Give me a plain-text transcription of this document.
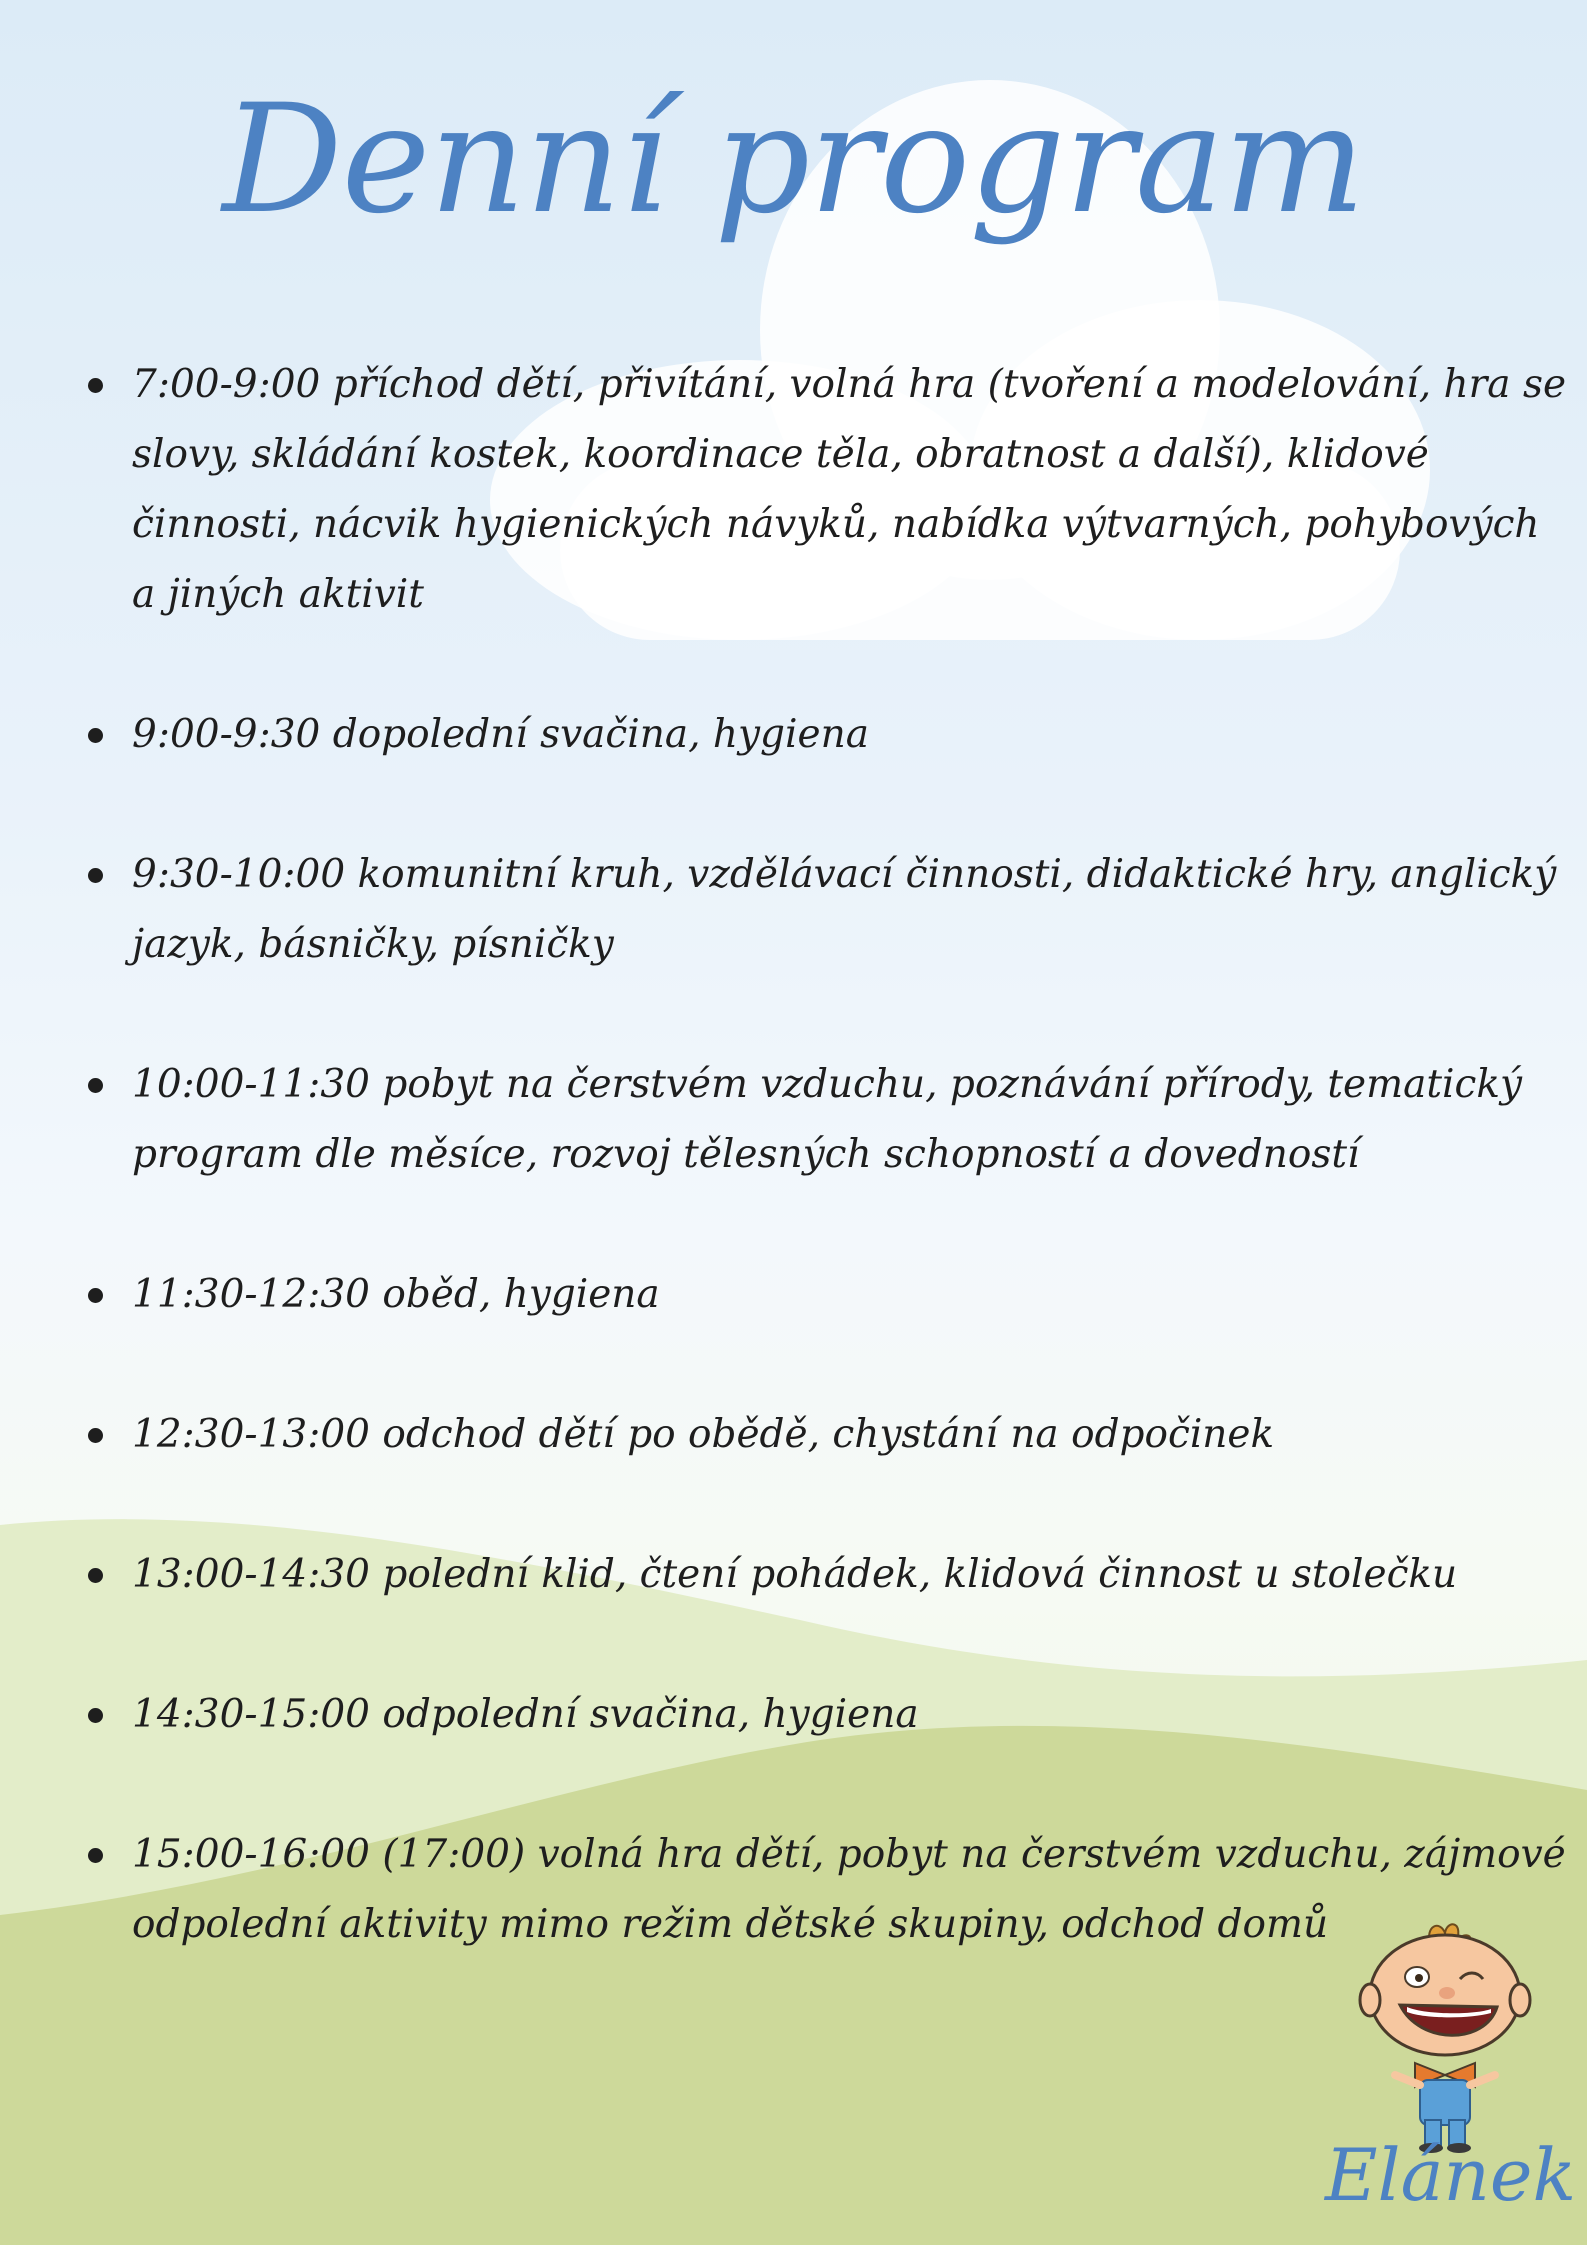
Denní program
7:00-9:00 příchod dětí, přivítání, volná hra (tvoření a modelování, hra se slovy, skládání kostek, koordinace těla, obratnost a další), klidové činnosti, nácvik hygienických návyků, nabídka výtvarných, pohybových a jiných aktivit
9:00-9:30 dopolední svačina, hygiena
9:30-10:00 komunitní kruh, vzdělávací činnosti, didaktické hry, anglický jazyk, básničky, písničky
10:00-11:30 pobyt na čerstvém vzduchu, poznávání přírody, tematický program dle měsíce, rozvoj tělesných schopností a dovedností
11:30-12:30 oběd, hygiena
12:30-13:00 odchod dětí po obědě, chystání na odpočinek
13:00-14:30 polední klid, čtení pohádek, klidová činnost u stolečku
14:30-15:00 odpolední svačina, hygiena
15:00-16:00 (17:00) volná hra dětí, pobyt na čerstvém vzduchu, zájmové odpolední aktivity mimo režim dětské skupiny, odchod domů
Elánek
